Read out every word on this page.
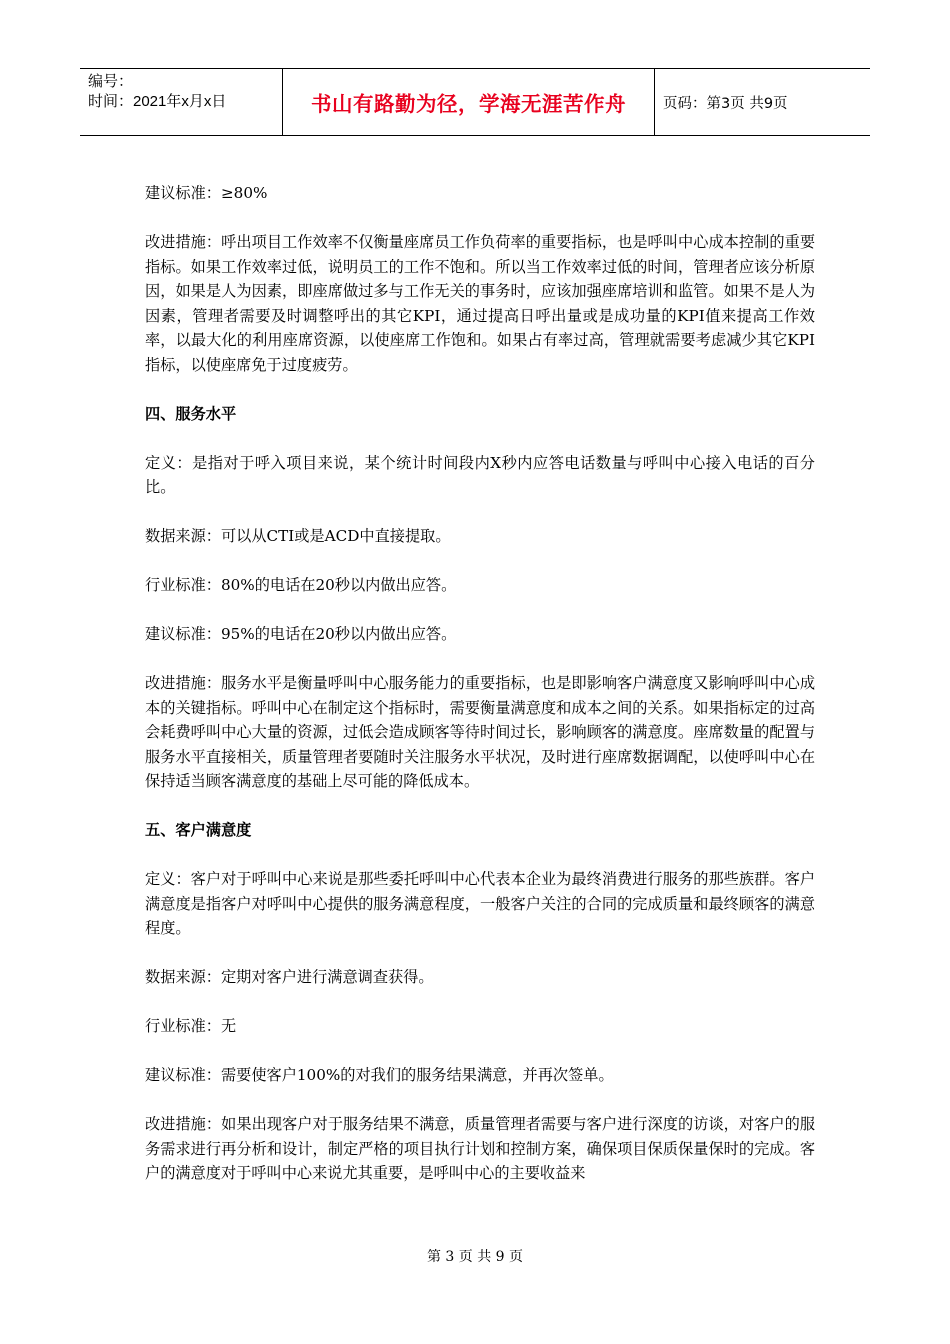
编号：
时间：2021年x月x日	书山有路勤为径，学海无涯苦作舟	页码：第3页 共9页

建议标准：≥80%

改进措施：呼出项目工作效率不仅衡量座席员工作负荷率的重要指标，也是呼叫中心成本控制的重要指标。如果工作效率过低，说明员工的工作不饱和。所以当工作效率过低的时间，管理者应该分析原因，如果是人为因素，即座席做过多与工作无关的事务时，应该加强座席培训和监管。如果不是人为因素，管理者需要及时调整呼出的其它KPI，通过提高日呼出量或是成功量的KPI值来提高工作效率，以最大化的利用座席资源，以使座席工作饱和。如果占有率过高，管理就需要考虑减少其它KPI指标，以使座席免于过度疲劳。

四、服务水平

定义：是指对于呼入项目来说，某个统计时间段内X秒内应答电话数量与呼叫中心接入电话的百分比。

数据来源：可以从CTI或是ACD中直接提取。

行业标准：80%的电话在20秒以内做出应答。

建议标准：95%的电话在20秒以内做出应答。

改进措施：服务水平是衡量呼叫中心服务能力的重要指标，也是即影响客户满意度又影响呼叫中心成本的关键指标。呼叫中心在制定这个指标时，需要衡量满意度和成本之间的关系。如果指标定的过高会耗费呼叫中心大量的资源，过低会造成顾客等待时间过长，影响顾客的满意度。座席数量的配置与服务水平直接相关，质量管理者要随时关注服务水平状况，及时进行座席数据调配，以使呼叫中心在保持适当顾客满意度的基础上尽可能的降低成本。

五、客户满意度

定义：客户对于呼叫中心来说是那些委托呼叫中心代表本企业为最终消费进行服务的那些族群。客户满意度是指客户对呼叫中心提供的服务满意程度，一般客户关注的合同的完成质量和最终顾客的满意程度。

数据来源：定期对客户进行满意调查获得。

行业标准：无

建议标准：需要使客户100%的对我们的服务结果满意，并再次签单。

改进措施：如果出现客户对于服务结果不满意，质量管理者需要与客户进行深度的访谈，对客户的服务需求进行再分析和设计，制定严格的项目执行计划和控制方案，确保项目保质保量保时的完成。客户的满意度对于呼叫中心来说尤其重要，是呼叫中心的主要收益来

第 3 页 共 9 页
